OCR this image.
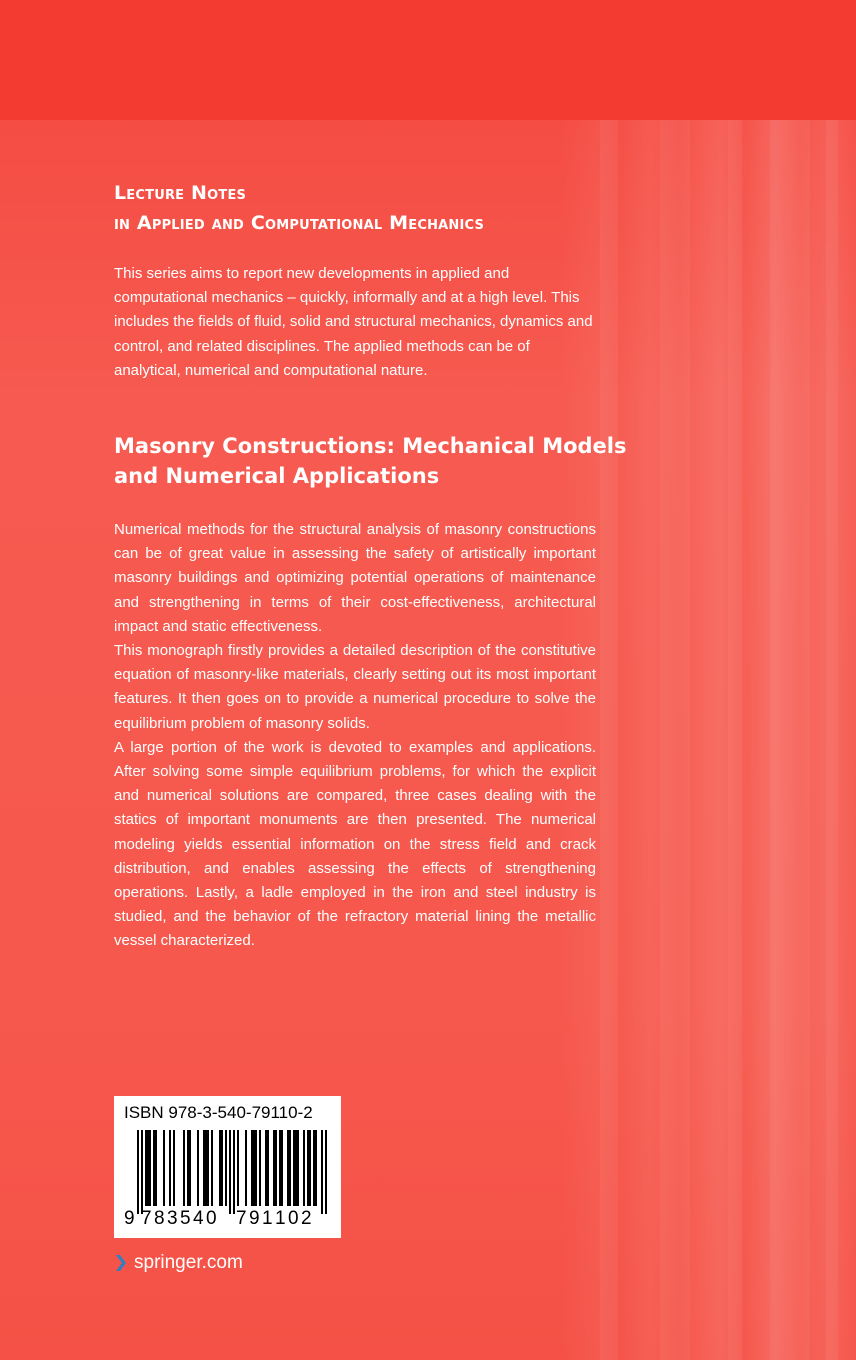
Lecture Notes
in Applied and Computational Mechanics

This series aims to report new developments in applied and computational mechanics – quickly, informally and at a high level. This includes the fields of fluid, solid and structural mechanics, dynamics and control, and related disciplines. The applied methods can be of analytical, numerical and computational nature.

Masonry Constructions: Mechanical Models
and Numerical Applications

Numerical methods for the structural analysis of masonry constructions can be of great value in assessing the safety of artistically important masonry buildings and optimizing potential operations of maintenance and strengthening in terms of their cost-effectiveness, architectural impact and static effectiveness.

This monograph firstly provides a detailed description of the constitutive equation of masonry-like materials, clearly setting out its most important features. It then goes on to provide a numerical procedure to solve the equilibrium problem of masonry solids.

A large portion of the work is devoted to examples and applications. After solving some simple equilibrium problems, for which the explicit and numerical solutions are compared, three cases dealing with the statics of important monuments are then presented. The numerical modeling yields essential information on the stress field and crack distribution, and enables assessing the effects of strengthening operations. Lastly, a ladle employed in the iron and steel industry is studied, and the behavior of the refractory material lining the metallic vessel characterized.

ISBN 978-3-540-79110-2
9 7 8 3 5 4 0 7 9 1 1 0 2
springer.com
